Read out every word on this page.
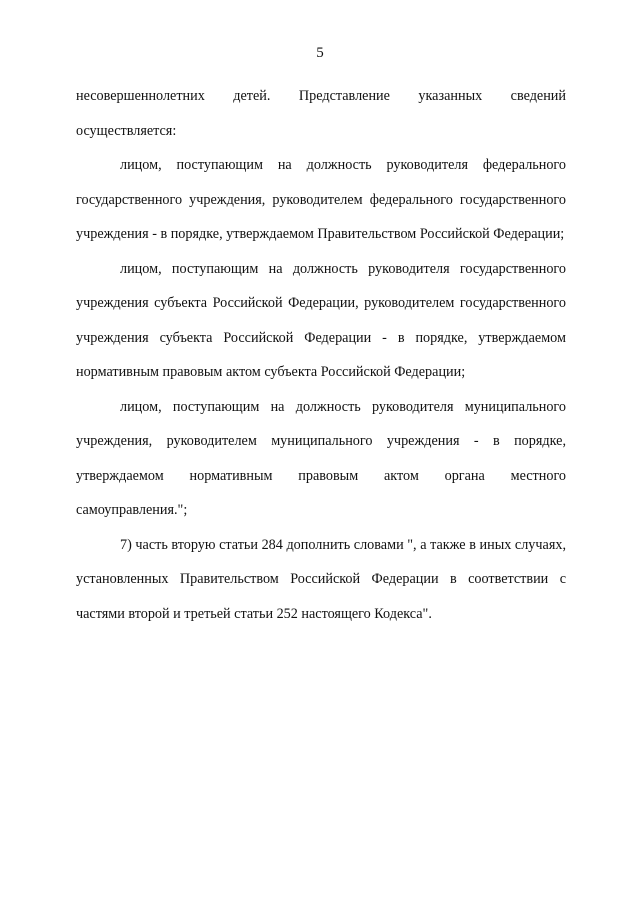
5

несовершеннолетних детей. Представление указанных сведений осуществляется:

лицом, поступающим на должность руководителя федерального государственного учреждения, руководителем федерального государственного учреждения - в порядке, утверждаемом Правительством Российской Федерации;

лицом, поступающим на должность руководителя государственного учреждения субъекта Российской Федерации, руководителем государственного учреждения субъекта Российской Федерации - в порядке, утверждаемом нормативным правовым актом субъекта Российской Федерации;

лицом, поступающим на должность руководителя муниципального учреждения, руководителем муниципального учреждения - в порядке, утверждаемом нормативным правовым актом органа местного самоуправления.";

7) часть вторую статьи 284 дополнить словами ", а также в иных случаях, установленных Правительством Российской Федерации в соответствии с частями второй и третьей статьи 252 настоящего Кодекса".
